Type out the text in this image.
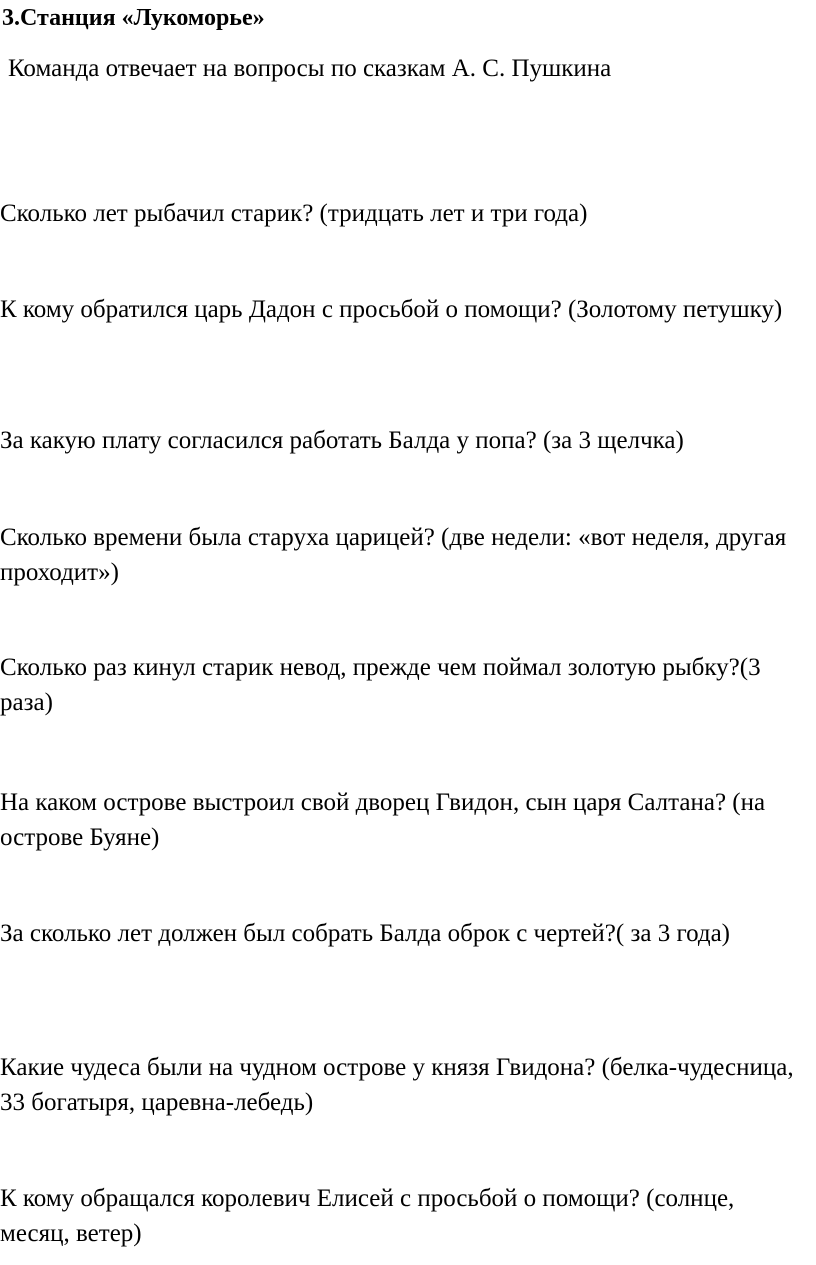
3.Станция «Лукоморье»
Команда отвечает на вопросы по сказкам А. С. Пушкина
Сколько лет рыбачил старик? (тридцать лет и три года)
К кому обратился царь Дадон с просьбой о помощи? (Золотому петушку)
За какую плату согласился работать Балда у попа? (за 3 щелчка)
Сколько времени была старуха царицей? (две недели: «вот неделя, другая проходит»)
Сколько раз кинул старик невод, прежде чем поймал золотую рыбку?(3 раза)
На каком острове выстроил свой дворец Гвидон, сын царя Салтана? (на острове Буяне)
За сколько лет должен был собрать Балда оброк с чертей?( за 3 года)
Какие чудеса были на чудном острове у князя Гвидона? (белка-чудесница, 33 богатыря, царевна-лебедь)
К кому обращался королевич Елисей с просьбой о помощи? (солнце, месяц, ветер)
